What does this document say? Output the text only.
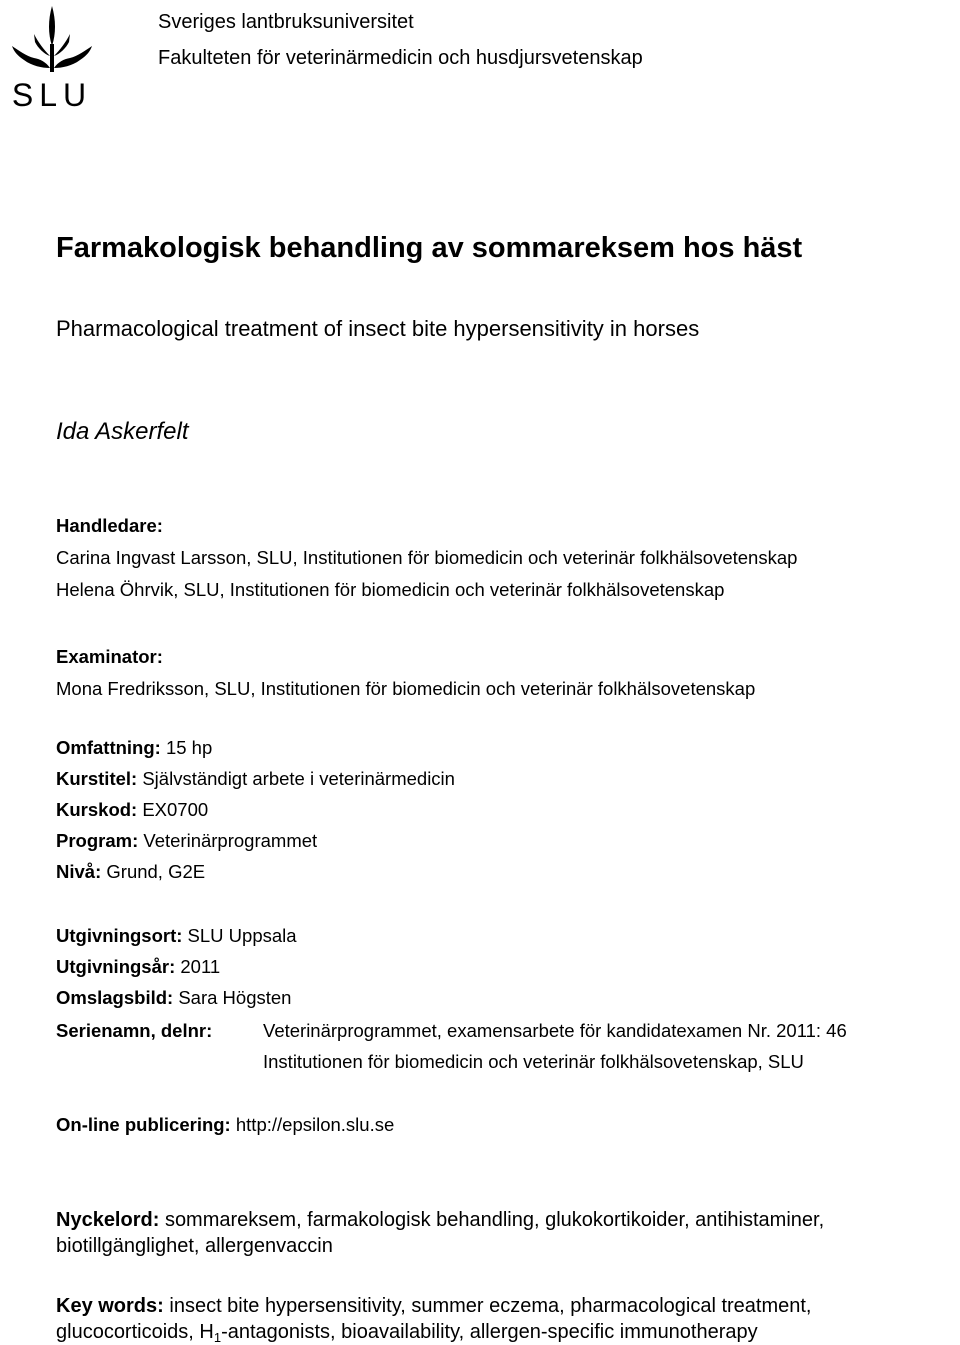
SLU
Sveriges lantbruksuniversitet
Fakulteten för veterinärmedicin och husdjursvetenskap
Farmakologisk behandling av sommareksem hos häst
Pharmacological treatment of insect bite hypersensitivity in horses
Ida Askerfelt
Handledare:
Carina Ingvast Larsson, SLU, Institutionen för biomedicin och veterinär folkhälsovetenskap
Helena Öhrvik, SLU, Institutionen för biomedicin och veterinär folkhälsovetenskap
Examinator:
Mona Fredriksson, SLU, Institutionen för biomedicin och veterinär folkhälsovetenskap
Omfattning: 15 hp
Kurstitel: Självständigt arbete i veterinärmedicin
Kurskod: EX0700
Program: Veterinärprogrammet
Nivå: Grund, G2E
Utgivningsort: SLU Uppsala
Utgivningsår: 2011
Omslagsbild: Sara Högsten
Serienamn, delnr:	Veterinärprogrammet, examensarbete för kandidatexamen Nr. 2011: 46
Institutionen för biomedicin och veterinär folkhälsovetenskap, SLU
On-line publicering: http://epsilon.slu.se
Nyckelord: sommareksem, farmakologisk behandling, glukokortikoider, antihistaminer,
biotillgänglighet, allergenvaccin
Key words: insect bite hypersensitivity, summer eczema, pharmacological treatment,
glucocorticoids, $H_1$-antagonists, bioavailability, allergen-specific immunotherapy
